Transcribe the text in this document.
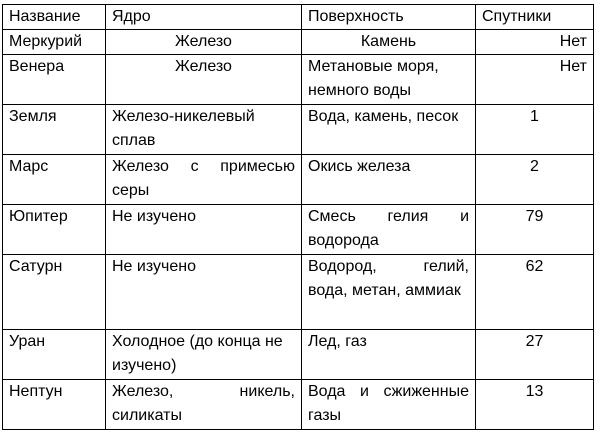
Название	Ядро	Поверхность	Спутники
Меркурий	Железо	Камень	Нет
Венера	Железо	Метановые моря, немного воды	Нет
Земля	Железо-никелевый сплав	Вода, камень, песок	1
Марс	Железо с примесью серы	Окись железа	2
Юпитер	Не изучено	Смесь гелия и водорода	79
Сатурн	Не изучено	Водород, гелий, вода, метан, аммиак	62
Уран	Холодное (до конца не изучено)	Лед, газ	27
Нептун	Железо, никель, силикаты	Вода и сжиженные газы	13
